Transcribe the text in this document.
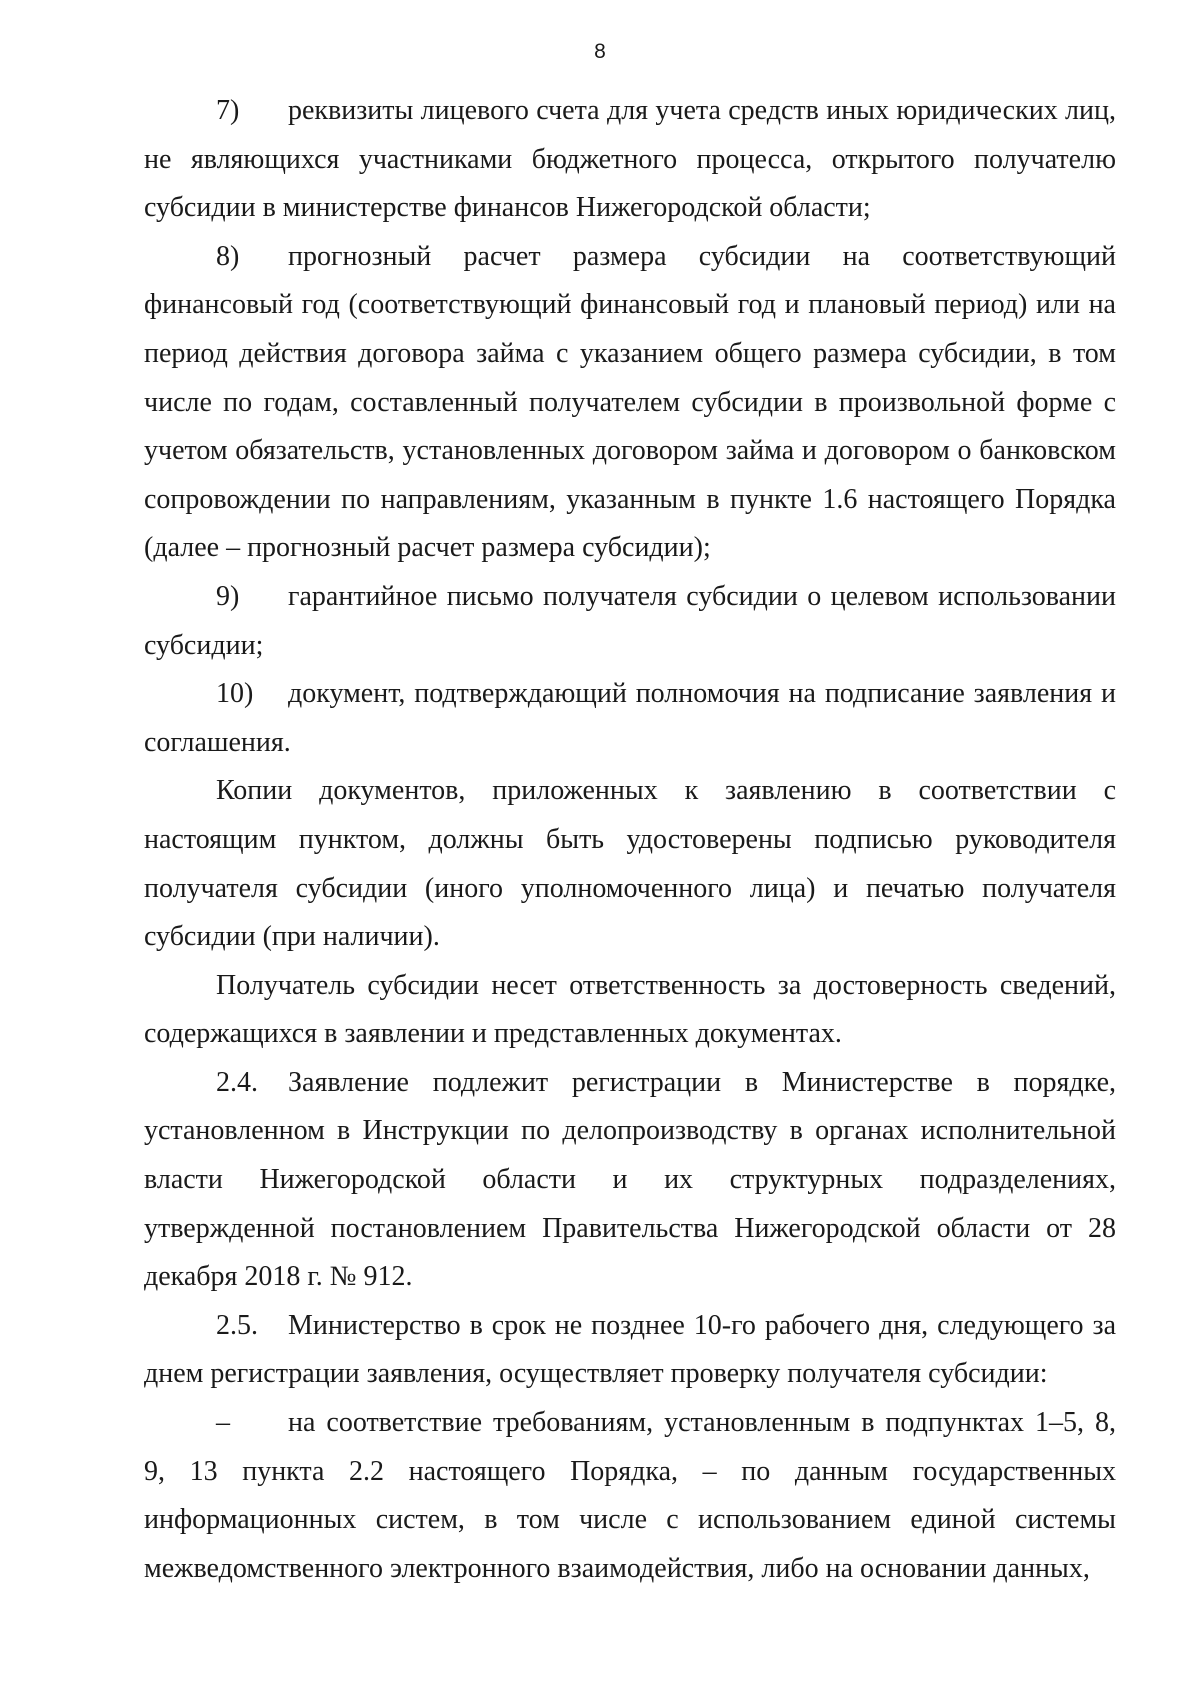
8

7) реквизиты лицевого счета для учета средств иных юридических лиц, не являющихся участниками бюджетного процесса, открытого получателю субсидии в министерстве финансов Нижегородской области;

8) прогнозный расчет размера субсидии на соответствующий финансовый год (соответствующий финансовый год и плановый период) или на период действия договора займа с указанием общего размера субсидии, в том числе по годам, составленный получателем субсидии в произвольной форме с учетом обязательств, установленных договором займа и договором о банковском сопровождении по направлениям, указанным в пункте 1.6 настоящего Порядка (далее – прогнозный расчет размера субсидии);

9) гарантийное письмо получателя субсидии о целевом использовании субсидии;

10) документ, подтверждающий полномочия на подписание заявления и соглашения.

Копии документов, приложенных к заявлению в соответствии с настоящим пунктом, должны быть удостоверены подписью руководителя получателя субсидии (иного уполномоченного лица) и печатью получателя субсидии (при наличии).

Получатель субсидии несет ответственность за достоверность сведений, содержащихся в заявлении и представленных документах.

2.4. Заявление подлежит регистрации в Министерстве в порядке, установленном в Инструкции по делопроизводству в органах исполнительной власти Нижегородской области и их структурных подразделениях, утвержденной постановлением Правительства Нижегородской области от 28 декабря 2018 г. № 912.

2.5. Министерство в срок не позднее 10-го рабочего дня, следующего за днем регистрации заявления, осуществляет проверку получателя субсидии:

– на соответствие требованиям, установленным в подпунктах 1–5, 8, 9, 13 пункта 2.2 настоящего Порядка, – по данным государственных информационных систем, в том числе с использованием единой системы межведомственного электронного взаимодействия, либо на основании данных,
